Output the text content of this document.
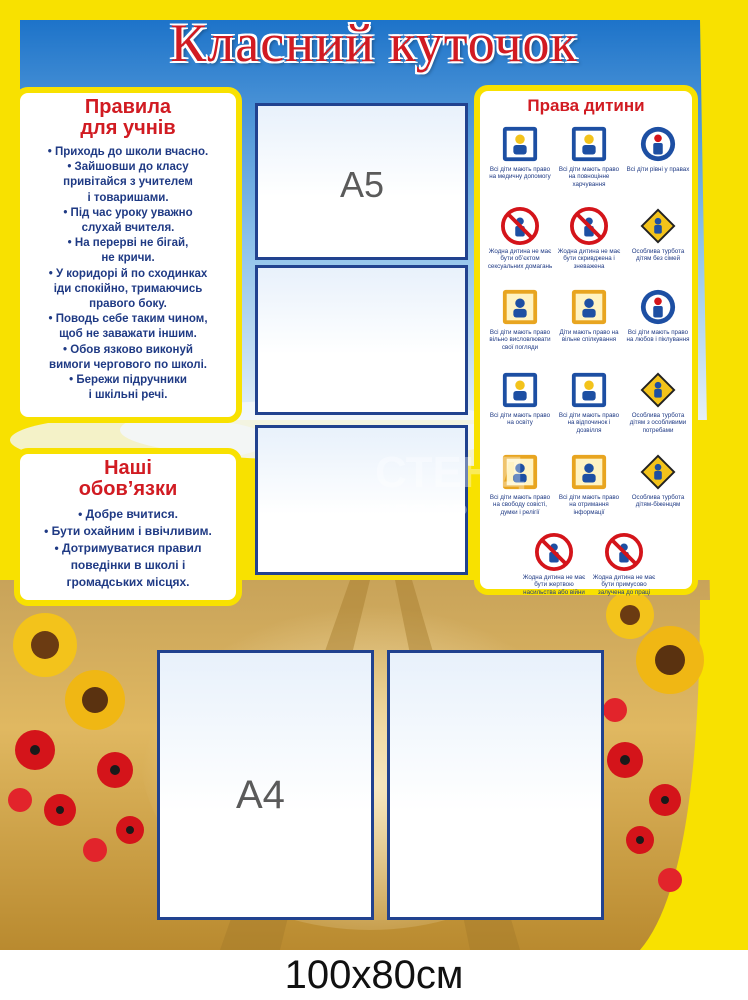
Класний куточок
Правила
для учнів
• Приходь до школи вчасно.
• Зайшовши до класу
привітайся з учителем
і товаришами.
• Під час уроку уважно
слухай вчителя.
• На перерві не бігай,
не кричи.
• У коридорі й по сходинках
іди спокійно, тримаючись
правого боку.
• Поводь себе таким чином,
щоб не заважати іншим.
• Обов язково виконуй
вимоги чергового по школі.
• Бережи підручники
і шкільні речі.
Наші
обов’язки
• Добре вчитися.
• Бути охайним і ввічливим.
• Дотримуватися правил
поведінки в школі і
громадських місцях.
Права дитини
Всі діти мають право на медичну допомогу
Всі діти мають право на повноцінне харчування
Всі діти рівні у правах
Жодна дитина не має бути об’єктом сексуальних домагань
Жодна дитина не має бути скривджена і зневажена
Особлива турбота дітям без сімей
Всі діти мають право вільно висловлювати свої погляди
Діти мають право на вільне спілкування
Всі діти мають право на любов і піклування
Всі діти мають право на освіту
Всі діти мають право на відпочинок і дозвілля
Особлива турбота дітям з особливими потребами
Всі діти мають право на свободу совісті, думки і релігії
Всі діти мають право на отримання інформації
Особлива турбота дітям-біженцям
Жодна дитина не має бути жертвою насильства або війни
Жодна дитина не має бути примусово залучена до праці
А5
А4
СТЕНД
ДЛЯ ОР
ТА ПІД
100х80см
